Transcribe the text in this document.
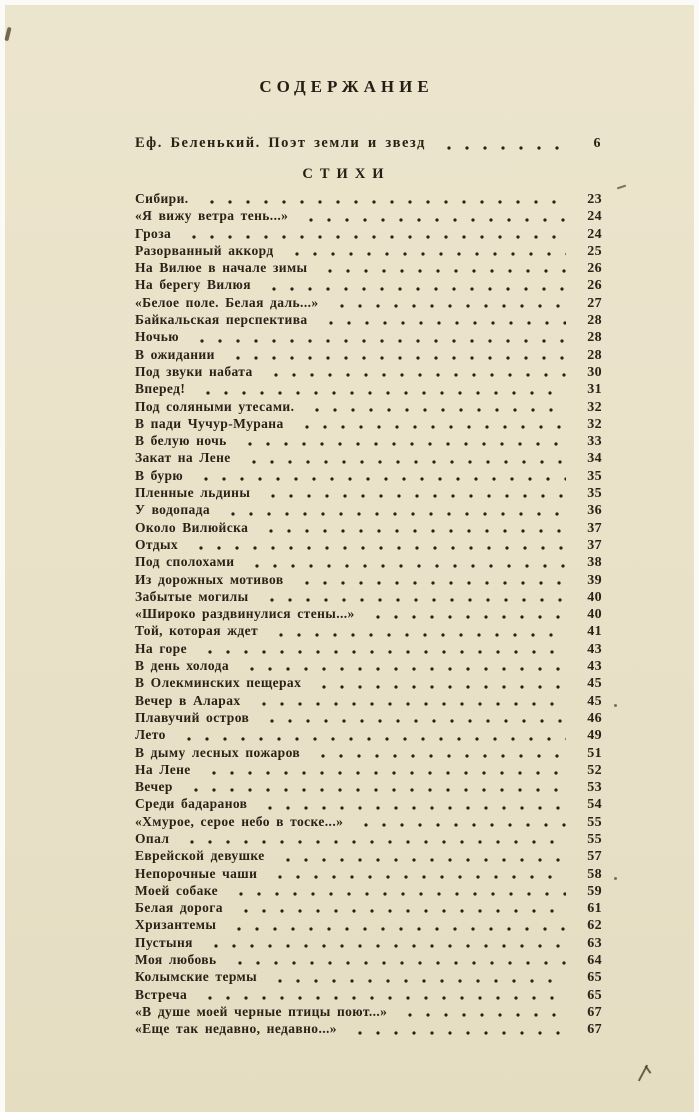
СОДЕРЖАНИЕ
Еф. Беленький. Поэт земли и звезд	6
СТИХИ
Сибири.	23
«Я вижу ветра тень...»	24
Гроза	24
Разорванный аккорд	25
На Вилюе в начале зимы	26
На берегу Вилюя	26
«Белое поле. Белая даль...»	27
Байкальская перспектива	28
Ночью	28
В ожидании	28
Под звуки набата	30
Вперед!	31
Под соляными утесами.	32
В пади Чучур-Мурана	32
В белую ночь	33
Закат на Лене	34
В бурю	35
Пленные льдины	35
У водопада	36
Около Вилюйска	37
Отдых	37
Под сполохами	38
Из дорожных мотивов	39
Забытые могилы	40
«Широко раздвинулися стены...»	40
Той, которая ждет	41
На горе	43
В день холода	43
В Олекминских пещерах	45
Вечер в Аларах	45
Плавучий остров	46
Лето	49
В дыму лесных пожаров	51
На Лене	52
Вечер	53
Среди бадаранов	54
«Хмурое, серое небо в тоске...»	55
Опал	55
Еврейской девушке	57
Непорочные чаши	58
Моей собаке	59
Белая дорога	61
Хризантемы	62
Пустыня	63
Моя любовь	64
Колымские термы	65
Встреча	65
«В душе моей черные птицы поют...»	67
«Еще так недавно, недавно...»	67
